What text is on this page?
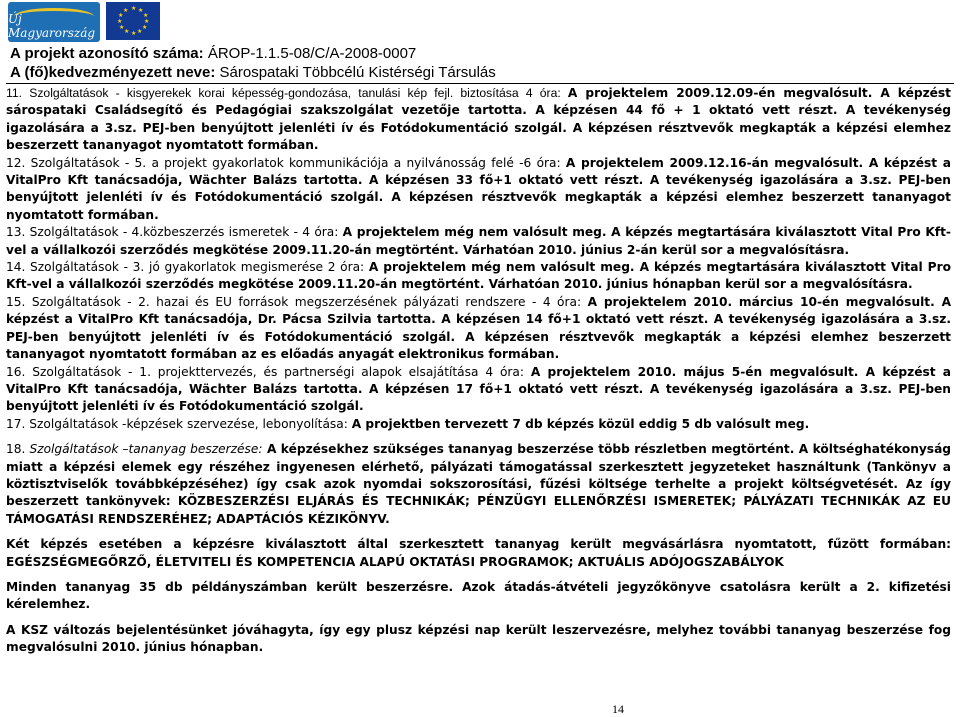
Új Magyarország
★ ★
★
★
★
★
★
★
★
★
★
★
A projekt azonosító száma: ÁROP-1.1.5-08/C/A-2008-0007
A (fő)kedvezményezett neve: Sárospataki Többcélú Kistérségi Társulás

11. Szolgáltatások - kisgyerekek korai képesség-gondozása, tanulási kép fejl. biztosítása 4 óra: A projektelem 2009.12.09-én megvalósult. A képzést sárospataki Családsegítő és Pedagógiai szakszolgálat vezetője tartotta. A képzésen 44 fő + 1 oktató vett részt. A tevékenység igazolására a 3.sz. PEJ-ben benyújtott jelenléti ív és Fotódokumentáció szolgál. A képzésen résztvevők megkapták a képzési elemhez beszerzett tananyagot nyomtatott formában.

12. Szolgáltatások - 5. a projekt gyakorlatok kommunikációja a nyilvánosság felé -6 óra: A projektelem 2009.12.16-án megvalósult. A képzést a VitalPro Kft tanácsadója, Wächter Balázs tartotta. A képzésen 33 fő+1 oktató vett részt. A tevékenység igazolására a 3.sz. PEJ-ben benyújtott jelenléti ív és Fotódokumentáció szolgál. A képzésen résztvevők megkapták a képzési elemhez beszerzett tananyagot nyomtatott formában.

13. Szolgáltatások - 4.közbeszerzés ismeretek - 4 óra: A projektelem még nem valósult meg. A képzés megtartására kiválasztott Vital Pro Kft-vel a vállalkozói szerződés megkötése 2009.11.20-án megtörtént. Várhatóan 2010. június 2-án kerül sor a megvalósításra.

14. Szolgáltatások - 3. jó gyakorlatok megismerése 2 óra: A projektelem még nem valósult meg. A képzés megtartására kiválasztott Vital Pro Kft-vel a vállalkozói szerződés megkötése 2009.11.20-án megtörtént. Várhatóan 2010. június hónapban kerül sor a megvalósításra.

15. Szolgáltatások - 2. hazai és EU források megszerzésének pályázati rendszere - 4 óra: A projektelem 2010. március 10-én megvalósult. A képzést a VitalPro Kft tanácsadója, Dr. Pácsa Szilvia tartotta. A képzésen 14 fő+1 oktató vett részt. A tevékenység igazolására a 3.sz. PEJ-ben benyújtott jelenléti ív és Fotódokumentáció szolgál. A képzésen résztvevők megkapták a képzési elemhez beszerzett tananyagot nyomtatott formában az es előadás anyagát elektronikus formában.

16. Szolgáltatások - 1. projekttervezés, és partnerségi alapok elsajátítása 4 óra: A projektelem 2010. május 5-én megvalósult. A képzést a VitalPro Kft tanácsadója, Wächter Balázs tartotta. A képzésen 17 fő+1 oktató vett részt. A tevékenység igazolására a 3.sz. PEJ-ben benyújtott jelenléti ív és Fotódokumentáció szolgál.

17. Szolgáltatások -képzések szervezése, lebonyolítása: A projektben tervezett 7 db képzés közül eddig 5 db valósult meg.

18. Szolgáltatások –tananyag beszerzése: A képzésekhez szükséges tananyag beszerzése több részletben megtörtént. A költséghatékonyság miatt a képzési elemek egy részéhez ingyenesen elérhető, pályázati támogatással szerkesztett jegyzeteket használtunk (Tankönyv a köztisztviselők továbbképzéséhez) így csak azok nyomdai sokszorosítási, fűzési költsége terhelte a projekt költségvetését. Az így beszerzett tankönyvek: KÖZBESZERZÉSI ELJÁRÁS ÉS TECHNIKÁK; PÉNZÜGYI ELLENŐRZÉSI ISMERETEK; PÁLYÁZATI TECHNIKÁK AZ EU TÁMOGATÁSI RENDSZERÉHEZ; ADAPTÁCIÓS KÉZIKÖNYV.

Két képzés esetében a képzésre kiválasztott által szerkesztett tananyag került megvásárlásra nyomtatott, fűzött formában: EGÉSZSÉGMEGŐRZŐ, ÉLETVITELI ÉS KOMPETENCIA ALAPÚ OKTATÁSI PROGRAMOK; AKTUÁLIS ADÓJOGSZABÁLYOK

Minden tananyag 35 db példányszámban került beszerzésre. Azok átadás-átvételi jegyzőkönyve csatolásra került a 2. kifizetési kérelemhez.

A KSZ változás bejelentésünket jóváhagyta, így egy plusz képzési nap került leszervezésre, melyhez további tananyag beszerzése fog megvalósulni 2010. június hónapban.

14
